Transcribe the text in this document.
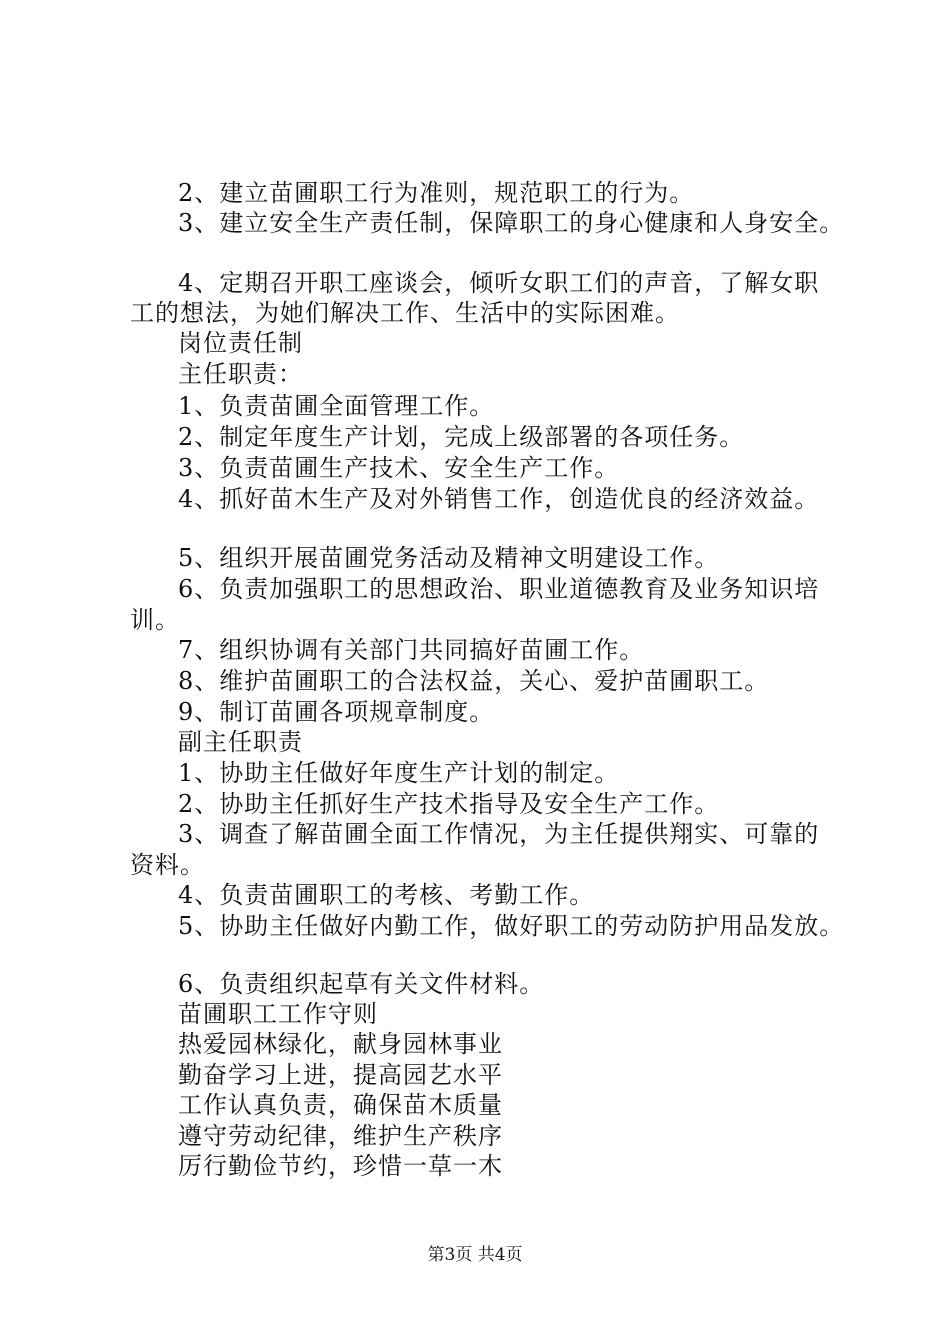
2、建立苗圃职工行为准则，规范职工的行为。
3、建立安全生产责任制，保障职工的身心健康和人身安全。
4、定期召开职工座谈会，倾听女职工们的声音，了解女职
工的想法，为她们解决工作、生活中的实际困难。
岗位责任制
主任职责：
1、负责苗圃全面管理工作。
2、制定年度生产计划，完成上级部署的各项任务。
3、负责苗圃生产技术、安全生产工作。
4、抓好苗木生产及对外销售工作，创造优良的经济效益。
5、组织开展苗圃党务活动及精神文明建设工作。
6、负责加强职工的思想政治、职业道德教育及业务知识培
训。
7、组织协调有关部门共同搞好苗圃工作。
8、维护苗圃职工的合法权益，关心、爱护苗圃职工。
9、制订苗圃各项规章制度。
副主任职责
1、协助主任做好年度生产计划的制定。
2、协助主任抓好生产技术指导及安全生产工作。
3、调查了解苗圃全面工作情况，为主任提供翔实、可靠的
资料。
4、负责苗圃职工的考核、考勤工作。
5、协助主任做好内勤工作，做好职工的劳动防护用品发放。
6、负责组织起草有关文件材料。
苗圃职工工作守则
热爱园林绿化，献身园林事业
勤奋学习上进，提高园艺水平
工作认真负责，确保苗木质量
遵守劳动纪律，维护生产秩序
厉行勤俭节约，珍惜一草一木
第3页 共4页
